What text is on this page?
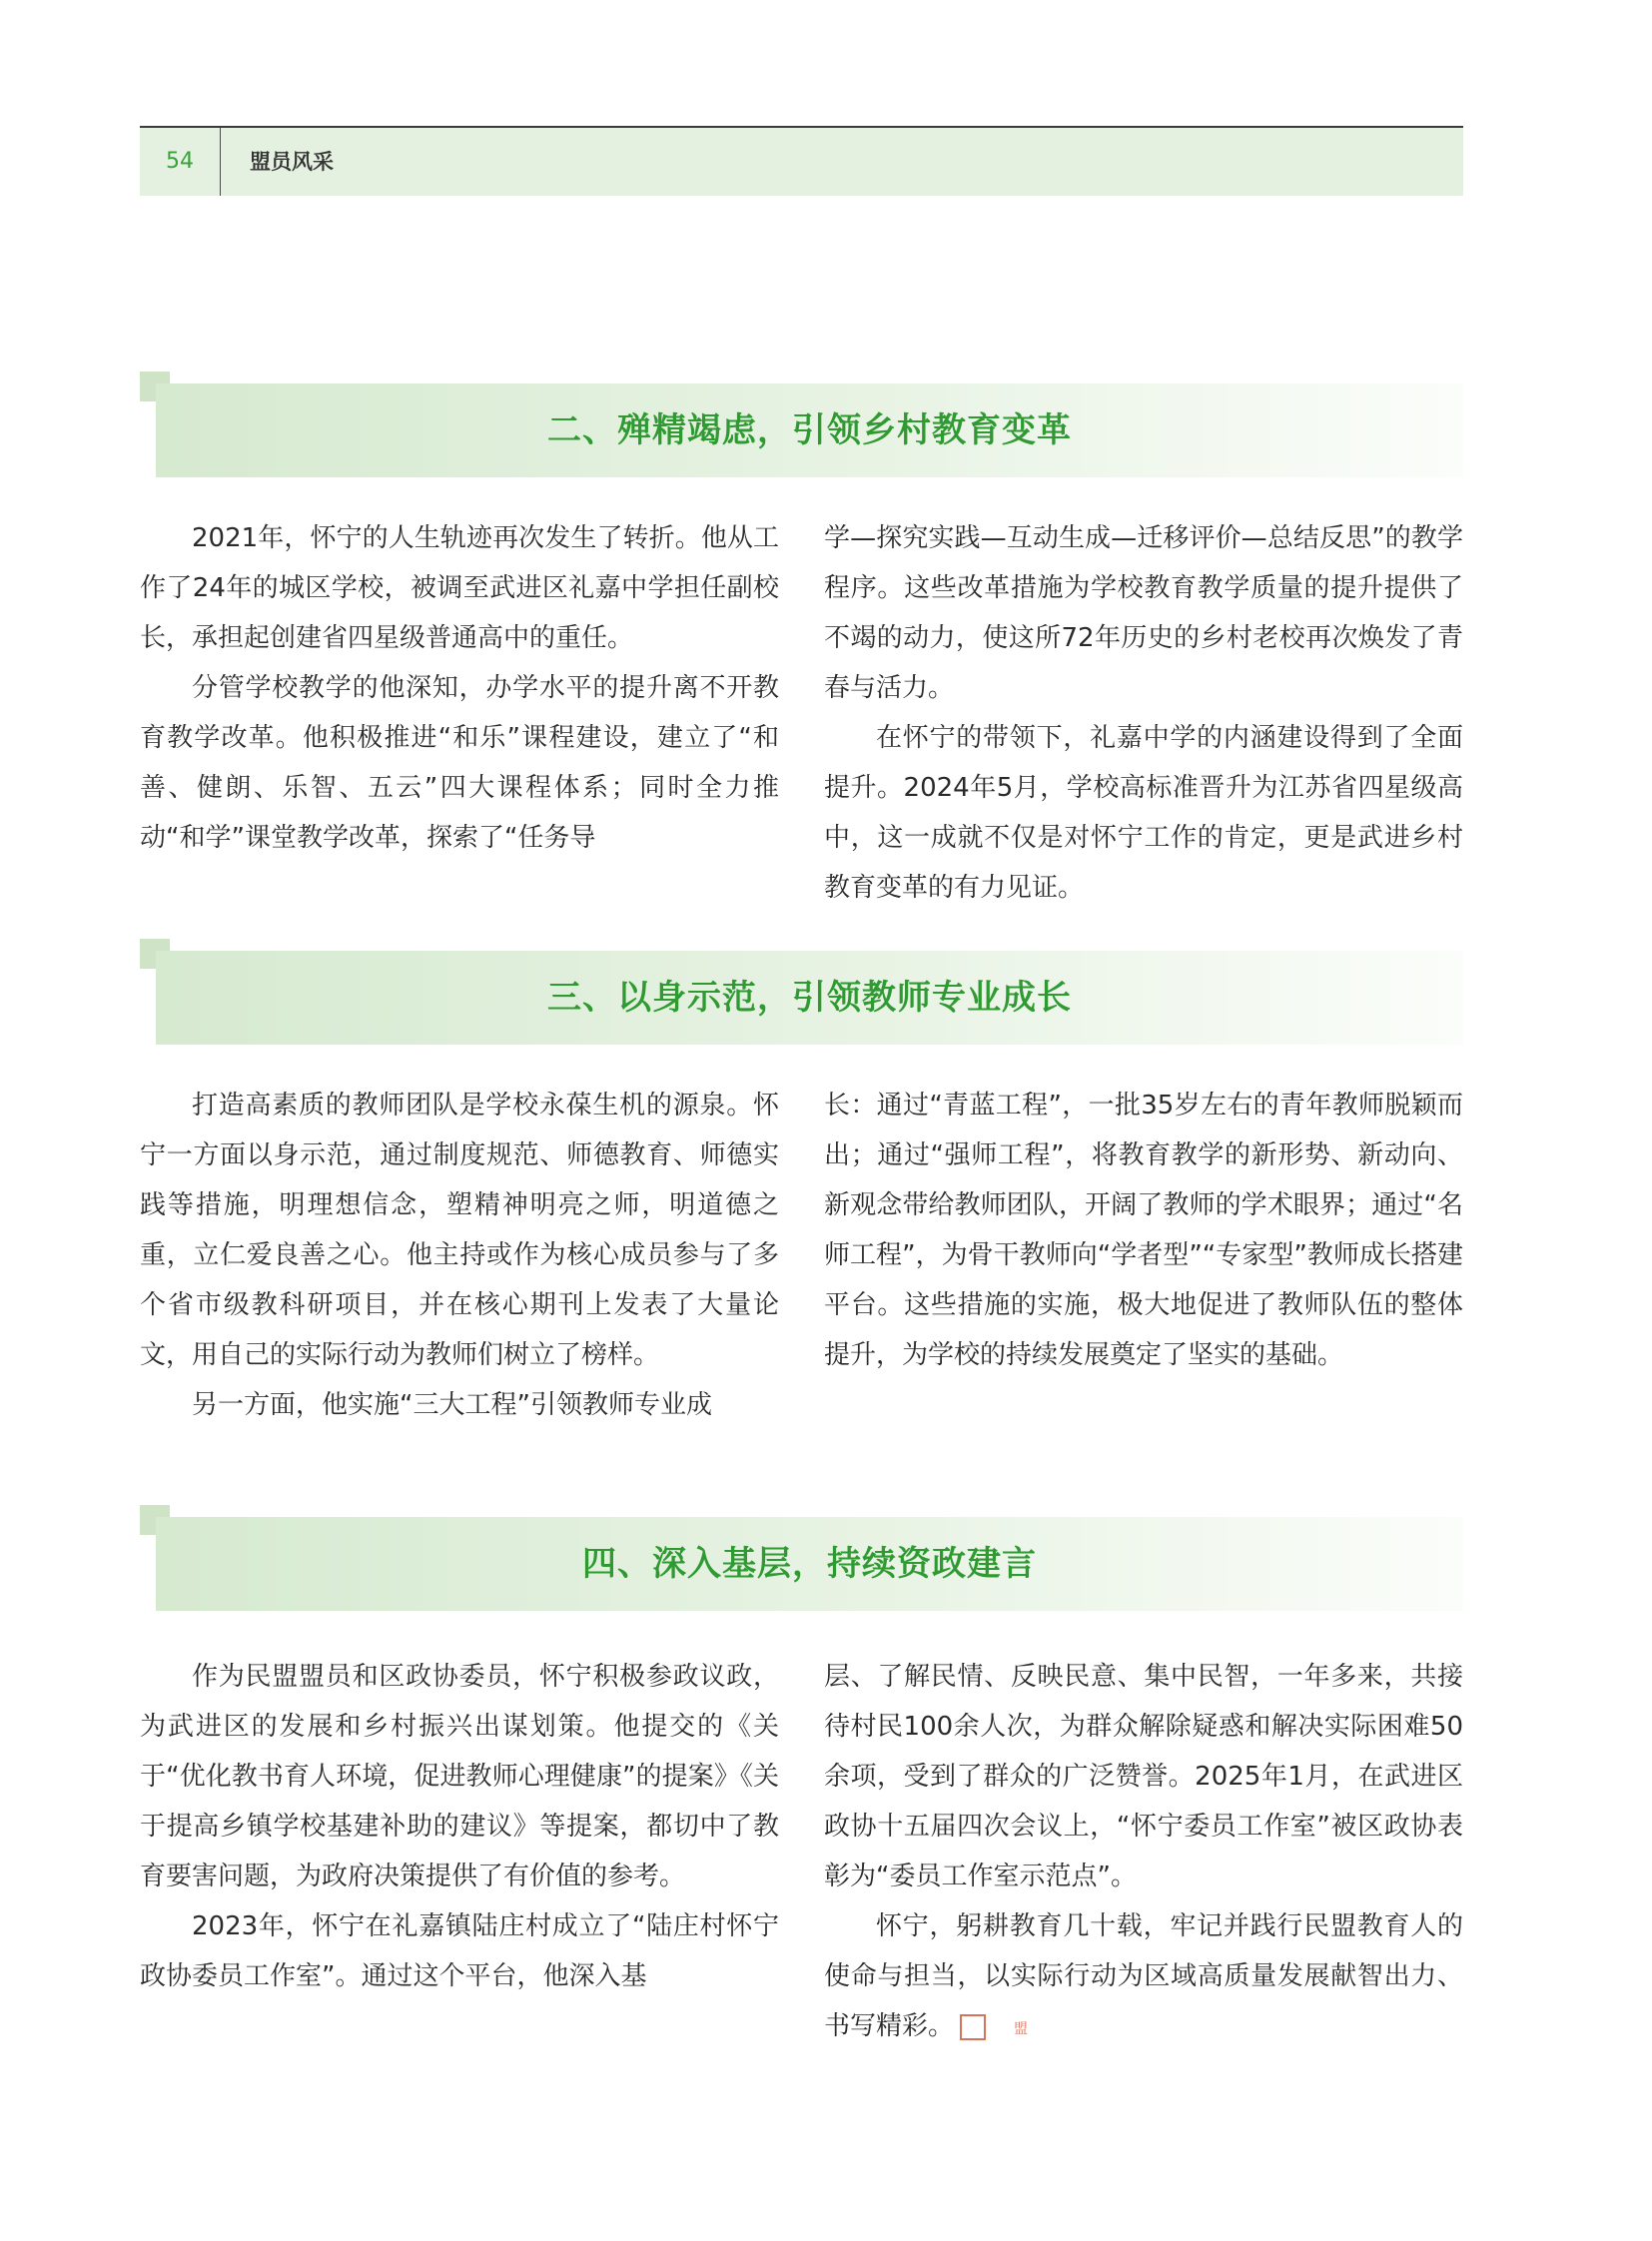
54	盟员风采
二、殚精竭虑，引领乡村教育变革

2021年，怀宁的人生轨迹再次发生了转折。他从工作了24年的城区学校，被调至武进区礼嘉中学担任副校长，承担起创建省四星级普通高中的重任。

分管学校教学的他深知，办学水平的提升离不开教育教学改革。他积极推进“和乐”课程建设，建立了“和善、健朗、乐智、五云”四大课程体系；同时全力推动“和学”课堂教学改革，探索了“任务导

学—探究实践—互动生成—迁移评价—总结反思”的教学程序。这些改革措施为学校教育教学质量的提升提供了不竭的动力，使这所72年历史的乡村老校再次焕发了青春与活力。

在怀宁的带领下，礼嘉中学的内涵建设得到了全面提升。2024年5月，学校高标准晋升为江苏省四星级高中，这一成就不仅是对怀宁工作的肯定，更是武进乡村教育变革的有力见证。

三、以身示范，引领教师专业成长

打造高素质的教师团队是学校永葆生机的源泉。怀宁一方面以身示范，通过制度规范、师德教育、师德实践等措施，明理想信念，塑精神明亮之师，明道德之重，立仁爱良善之心。他主持或作为核心成员参与了多个省市级教科研项目，并在核心期刊上发表了大量论文，用自己的实际行动为教师们树立了榜样。

另一方面，他实施“三大工程”引领教师专业成

长：通过“青蓝工程”，一批35岁左右的青年教师脱颖而出；通过“强师工程”，将教育教学的新形势、新动向、新观念带给教师团队，开阔了教师的学术眼界；通过“名师工程”，为骨干教师向“学者型”“专家型”教师成长搭建平台。这些措施的实施，极大地促进了教师队伍的整体提升，为学校的持续发展奠定了坚实的基础。

四、深入基层，持续资政建言

作为民盟盟员和区政协委员，怀宁积极参政议政，为武进区的发展和乡村振兴出谋划策。他提交的《关于“优化教书育人环境，促进教师心理健康”的提案》《关于提高乡镇学校基建补助的建议》等提案，都切中了教育要害问题，为政府决策提供了有价值的参考。

2023年，怀宁在礼嘉镇陆庄村成立了“陆庄村怀宁政协委员工作室”。通过这个平台，他深入基

层、了解民情、反映民意、集中民智，一年多来，共接待村民100余人次，为群众解除疑惑和解决实际困难50余项，受到了群众的广泛赞誉。2025年1月，在武进区政协十五届四次会议上，“怀宁委员工作室”被区政协表彰为“委员工作室示范点”。

怀宁，躬耕教育几十载，牢记并践行民盟教育人的使命与担当，以实际行动为区域高质量发展献智出力、书写精彩。	盟
